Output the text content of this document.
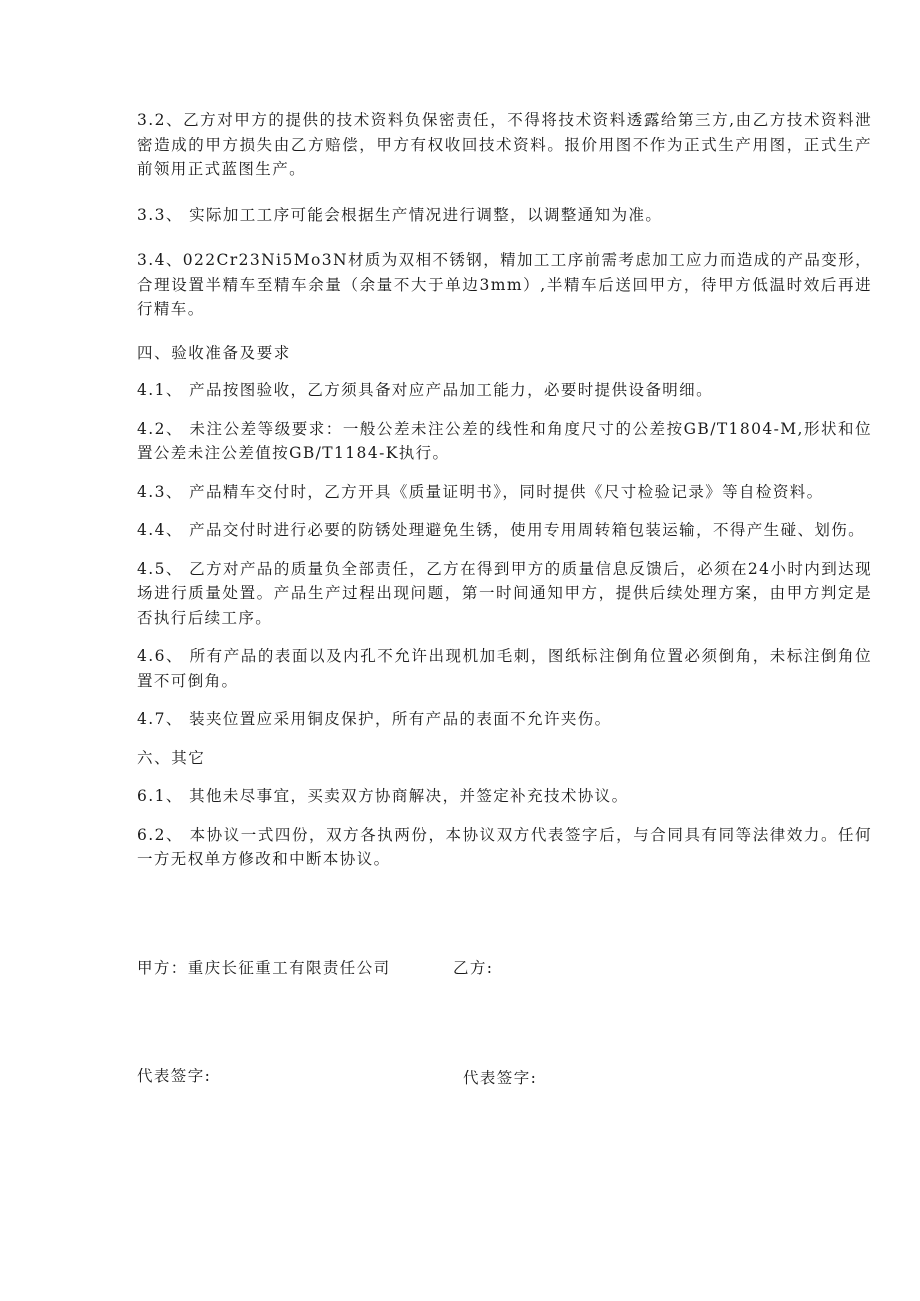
3.2、乙方对甲方的提供的技术资料负保密责任，不得将技术资料透露给第三方,由乙方技术资料泄密造成的甲方损失由乙方赔偿，甲方有权收回技术资料。报价用图不作为正式生产用图，正式生产前领用正式蓝图生产。

3.3、 实际加工工序可能会根据生产情况进行调整，以调整通知为准。

3.4、022Cr23Ni5Mo3N材质为双相不锈钢，精加工工序前需考虑加工应力而造成的产品变形，合理设置半精车至精车余量（余量不大于单边3mm）,半精车后送回甲方，待甲方低温时效后再进行精车。

四、验收准备及要求

4.1、 产品按图验收，乙方须具备对应产品加工能力，必要时提供设备明细。

4.2、 未注公差等级要求：一般公差未注公差的线性和角度尺寸的公差按GB/T1804-M,形状和位置公差未注公差值按GB/T1184-K执行。

4.3、 产品精车交付时，乙方开具《质量证明书》，同时提供《尺寸检验记录》等自检资料。

4.4、 产品交付时进行必要的防锈处理避免生锈，使用专用周转箱包装运输，不得产生碰、划伤。

4.5、 乙方对产品的质量负全部责任，乙方在得到甲方的质量信息反馈后，必须在24小时内到达现场进行质量处置。产品生产过程出现问题，第一时间通知甲方，提供后续处理方案，由甲方判定是否执行后续工序。

4.6、 所有产品的表面以及内孔不允许出现机加毛刺，图纸标注倒角位置必须倒角，未标注倒角位置不可倒角。

4.7、 装夹位置应采用铜皮保护，所有产品的表面不允许夹伤。

六、其它

6.1、 其他未尽事宜，买卖双方协商解决，并签定补充技术协议。

6.2、 本协议一式四份，双方各执两份，本协议双方代表签字后，与合同具有同等法律效力。任何一方无权单方修改和中断本协议。

甲方：重庆长征重工有限责任公司	乙方:
代表签字:	代表签字:
